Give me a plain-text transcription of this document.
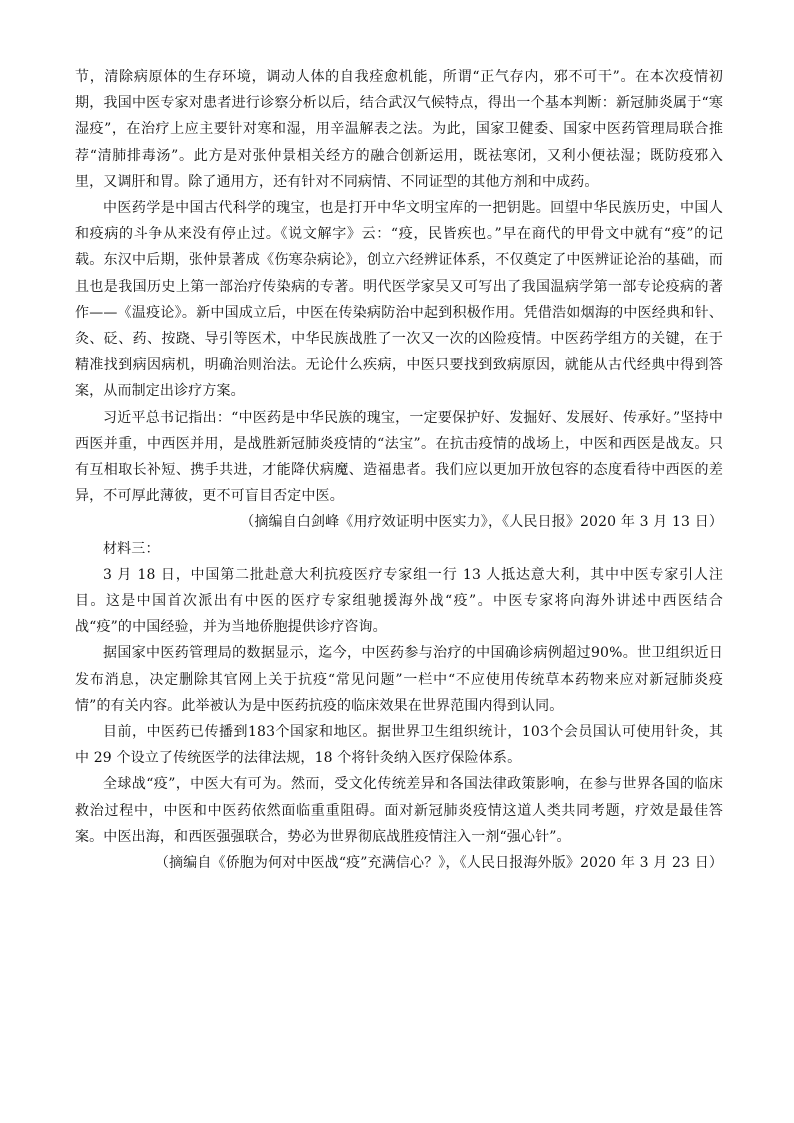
节，清除病原体的生存环境，调动人体的自我痊愈机能，所谓“正气存内，邪不可干”。在本次疫情初期，我国中医专家对患者进行诊察分析以后，结合武汉气候特点，得出一个基本判断：新冠肺炎属于“寒湿疫”，在治疗上应主要针对寒和湿，用辛温解表之法。为此，国家卫健委、国家中医药管理局联合推荐“清肺排毒汤”。此方是对张仲景相关经方的融合创新运用，既祛寒闭，又利小便祛湿；既防疫邪入里，又调肝和胃。除了通用方，还有针对不同病情、不同证型的其他方剂和中成药。

中医药学是中国古代科学的瑰宝，也是打开中华文明宝库的一把钥匙。回望中华民族历史，中国人和疫病的斗争从来没有停止过。《说文解字》云：“疫，民皆疾也。”早在商代的甲骨文中就有“疫”的记载。东汉中后期，张仲景著成《伤寒杂病论》，创立六经辨证体系，不仅奠定了中医辨证论治的基础，而且也是我国历史上第一部治疗传染病的专著。明代医学家吴又可写出了我国温病学第一部专论疫病的著作——《温疫论》。新中国成立后，中医在传染病防治中起到积极作用。凭借浩如烟海的中医经典和针、灸、砭、药、按跷、导引等医术，中华民族战胜了一次又一次的凶险疫情。中医药学组方的关键，在于精准找到病因病机，明确治则治法。无论什么疾病，中医只要找到致病原因，就能从古代经典中得到答案，从而制定出诊疗方案。

习近平总书记指出：“中医药是中华民族的瑰宝，一定要保护好、发掘好、发展好、传承好。”坚持中西医并重，中西医并用，是战胜新冠肺炎疫情的“法宝”。在抗击疫情的战场上，中医和西医是战友。只有互相取长补短、携手共进，才能降伏病魔、造福患者。我们应以更加开放包容的态度看待中西医的差异，不可厚此薄彼，更不可盲目否定中医。

（摘编自白剑峰《用疗效证明中医实力》，《人民日报》2020 年 3 月 13 日）

材料三：

3 月 18 日，中国第二批赴意大利抗疫医疗专家组一行 13 人抵达意大利，其中中医专家引人注目。这是中国首次派出有中医的医疗专家组驰援海外战“疫”。中医专家将向海外讲述中西医结合战“疫”的中国经验，并为当地侨胞提供诊疗咨询。

据国家中医药管理局的数据显示，迄今，中医药参与治疗的中国确诊病例超过90%。世卫组织近日发布消息，决定删除其官网上关于抗疫“常见问题”一栏中“不应使用传统草本药物来应对新冠肺炎疫情”的有关内容。此举被认为是中医药抗疫的临床效果在世界范围内得到认同。

目前，中医药已传播到183个国家和地区。据世界卫生组织统计，103个会员国认可使用针灸，其中 29 个设立了传统医学的法律法规，18 个将针灸纳入医疗保险体系。

全球战“疫”，中医大有可为。然而，受文化传统差异和各国法律政策影响，在参与世界各国的临床救治过程中，中医和中医药依然面临重重阻碍。面对新冠肺炎疫情这道人类共同考题，疗效是最佳答案。中医出海，和西医强强联合，势必为世界彻底战胜疫情注入一剂“强心针”。

（摘编自《侨胞为何对中医战“疫”充满信心？》，《人民日报海外版》2020 年 3 月 23 日）
